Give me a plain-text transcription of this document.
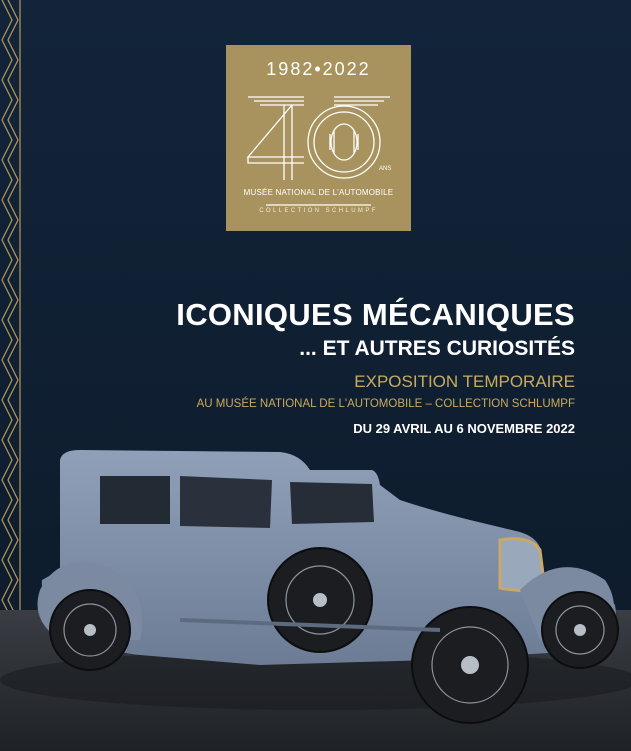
1982•2022
40
ANS
MUSÉE NATIONAL DE L'AUTOMOBILE
COLLECTION SCHLUMPF
ICONIQUES MÉCANIQUES
... ET AUTRES CURIOSITÉS
EXPOSITION TEMPORAIRE
AU MUSÉE NATIONAL DE L'AUTOMOBILE – COLLECTION SCHLUMPF
DU 29 AVRIL AU 6 NOVEMBRE 2022
